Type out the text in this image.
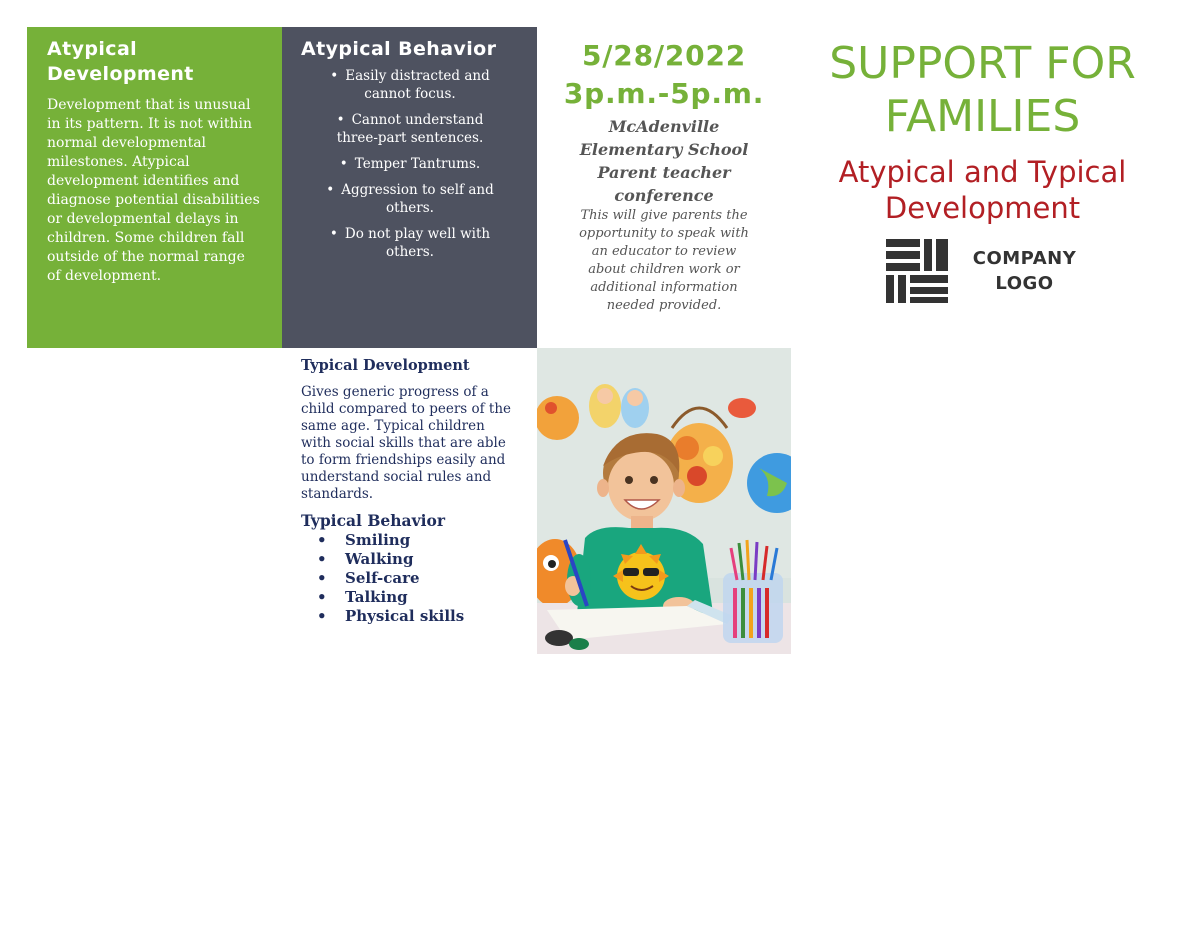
Atypical Development

Development that is unusual in its pattern. It is not within normal developmental milestones. Atypical development identifies and diagnose potential disabilities or developmental delays in children. Some children fall outside of the normal range of development.

Atypical Behavior
• Easily distracted and cannot focus.
• Cannot understand three-part sentences.
• Temper Tantrums.
• Aggression to self and others.
• Do not play well with others.
5/28/2022
3p.m.-5p.m.
McAdenville Elementary School Parent teacher conference
This will give parents the opportunity to speak with an educator to review about children work or additional information needed provided.
SUPPORT FOR FAMILIES
Atypical and Typical Development
COMPANY LOGO
Typical Development

Gives generic progress of a child compared to peers of the same age. Typical children with social skills that are able to form friendships easily and understand social rules and standards.

Typical Behavior
• Smiling
• Walking
• Self-care
• Talking
• Physical skills
